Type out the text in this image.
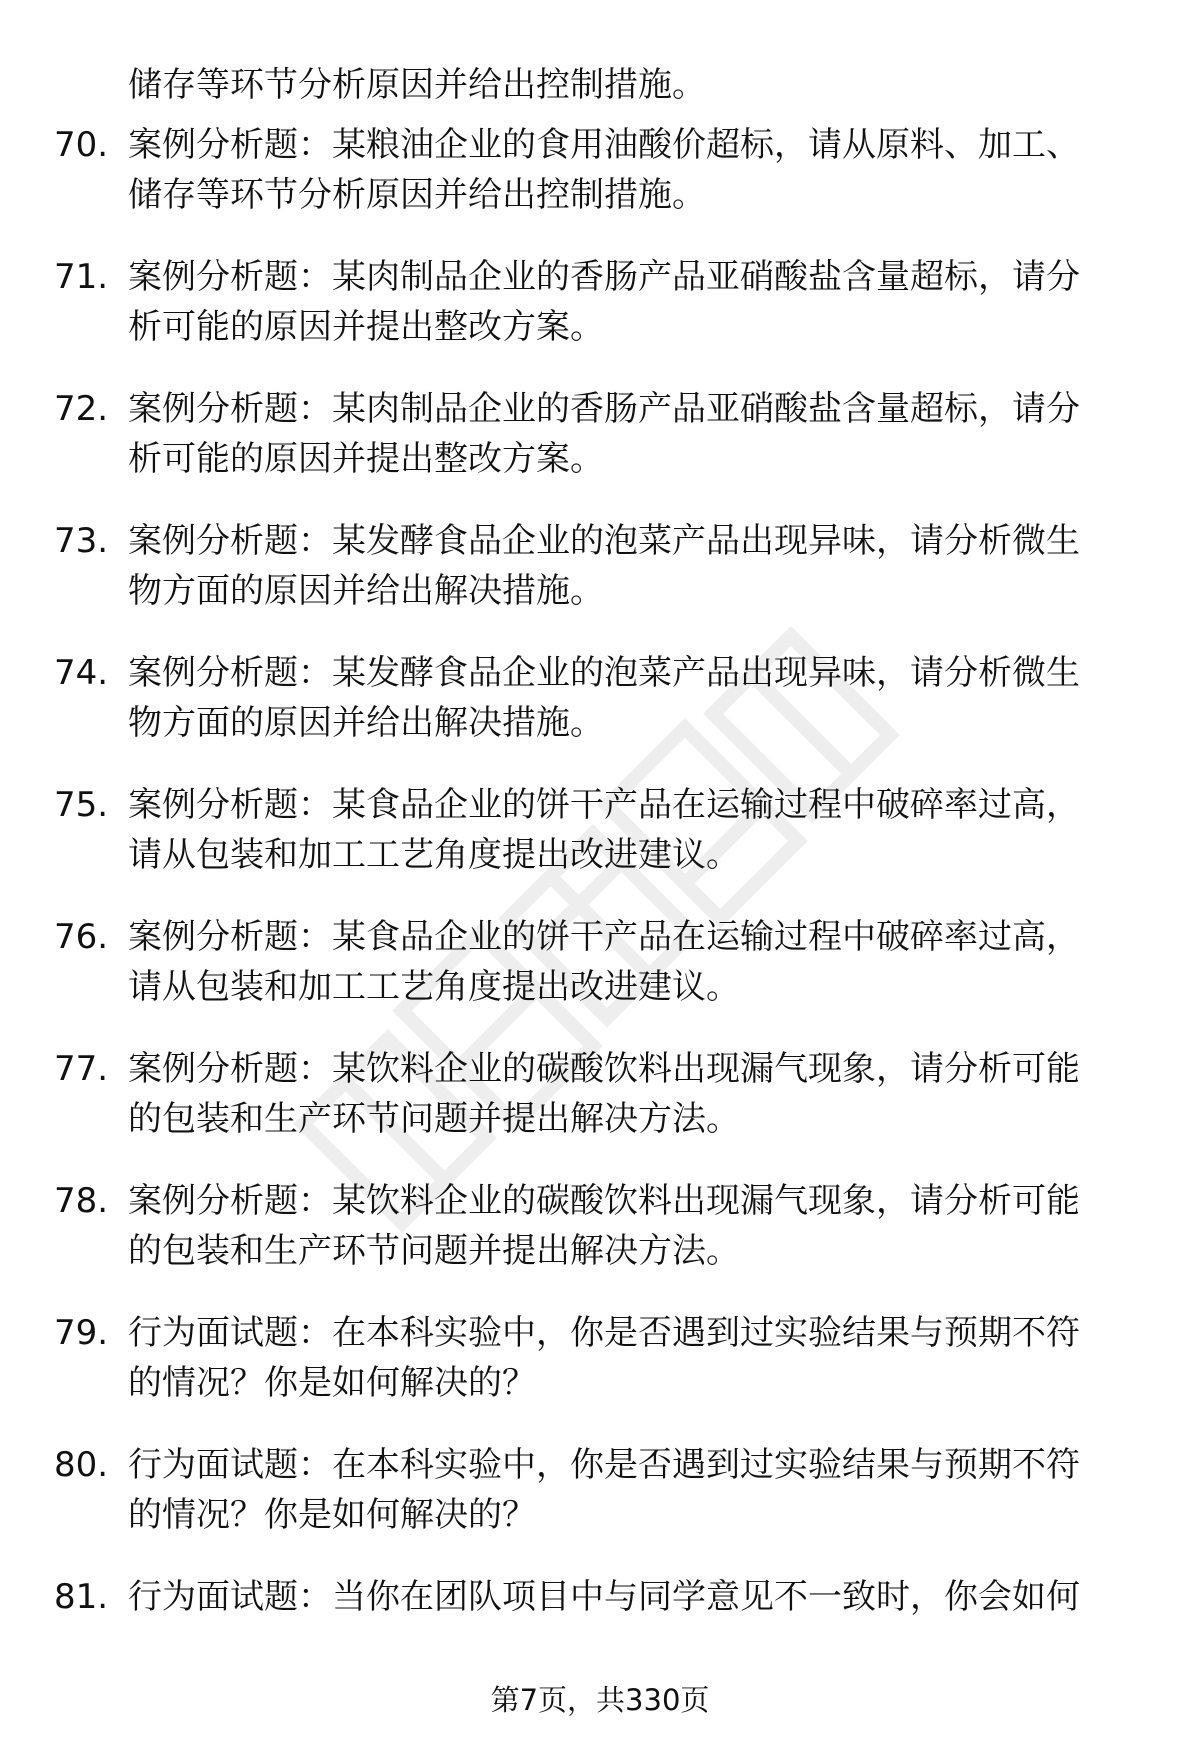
储存等环节分析原因并给出控制措施。
70. 案例分析题：某粮油企业的食用油酸价超标，请从原料、加工、
储存等环节分析原因并给出控制措施。
71. 案例分析题：某肉制品企业的香肠产品亚硝酸盐含量超标，请分
析可能的原因并提出整改方案。
72. 案例分析题：某肉制品企业的香肠产品亚硝酸盐含量超标，请分
析可能的原因并提出整改方案。
73. 案例分析题：某发酵食品企业的泡菜产品出现异味，请分析微生
物方面的原因并给出解决措施。
74. 案例分析题：某发酵食品企业的泡菜产品出现异味，请分析微生
物方面的原因并给出解决措施。
75. 案例分析题：某食品企业的饼干产品在运输过程中破碎率过高，
请从包装和加工工艺角度提出改进建议。
76. 案例分析题：某食品企业的饼干产品在运输过程中破碎率过高，
请从包装和加工工艺角度提出改进建议。
77. 案例分析题：某饮料企业的碳酸饮料出现漏气现象，请分析可能
的包装和生产环节问题并提出解决方法。
78. 案例分析题：某饮料企业的碳酸饮料出现漏气现象，请分析可能
的包装和生产环节问题并提出解决方法。
79. 行为面试题：在本科实验中，你是否遇到过实验结果与预期不符
的情况？你是如何解决的？
80. 行为面试题：在本科实验中，你是否遇到过实验结果与预期不符
的情况？你是如何解决的？
81. 行为面试题：当你在团队项目中与同学意见不一致时，你会如何
第7页，共330页
